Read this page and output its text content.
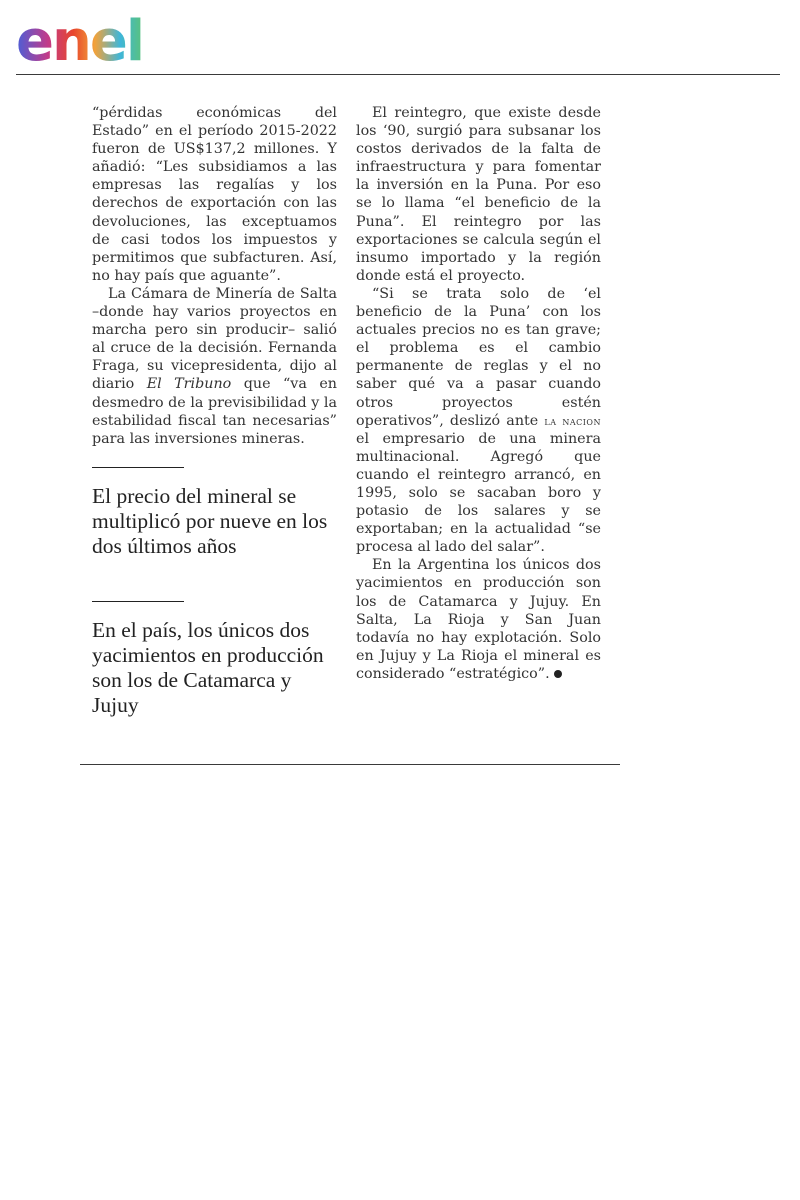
enel

“pérdidas económicas del Estado” en el período 2015-2022 fueron de US$137,2 millones. Y añadió: “Les subsidiamos a las empresas las regalías y los derechos de exportación con las devoluciones, las exceptuamos de casi todos los impuestos y permitimos que subfacturen. Así, no hay país que aguante”.

La Cámara de Minería de Salta –donde hay varios proyectos en marcha pero sin producir– salió al cruce de la decisión. Fernanda Fraga, su vicepresidenta, dijo al diario El Tribuno que “va en desmedro de la previsibilidad y la estabilidad fiscal tan necesarias” para las inversiones mineras.

El precio del mineral se multiplicó por nueve en los dos últimos años

En el país, los únicos dos yacimientos en producción son los de Catamarca y Jujuy

El reintegro, que existe desde los ‘90, surgió para subsanar los costos derivados de la falta de infraestructura y para fomentar la inversión en la Puna. Por eso se lo llama “el beneficio de la Puna”. El reintegro por las exportaciones se calcula según el insumo importado y la región donde está el proyecto.

“Si se trata solo de ‘el beneficio de la Puna’ con los actuales precios no es tan grave; el problema es el cambio permanente de reglas y el no saber qué va a pasar cuando otros proyectos estén operativos”, deslizó ante la nacion el empresario de una minera multinacional. Agregó que cuando el reintegro arrancó, en 1995, solo se sacaban boro y potasio de los salares y se exportaban; en la actualidad “se procesa al lado del salar”.

En la Argentina los únicos dos yacimientos en producción son los de Catamarca y Jujuy. En Salta, La Rioja y San Juan todavía no hay explotación. Solo en Jujuy y La Rioja el mineral es considerado “estratégico”.
